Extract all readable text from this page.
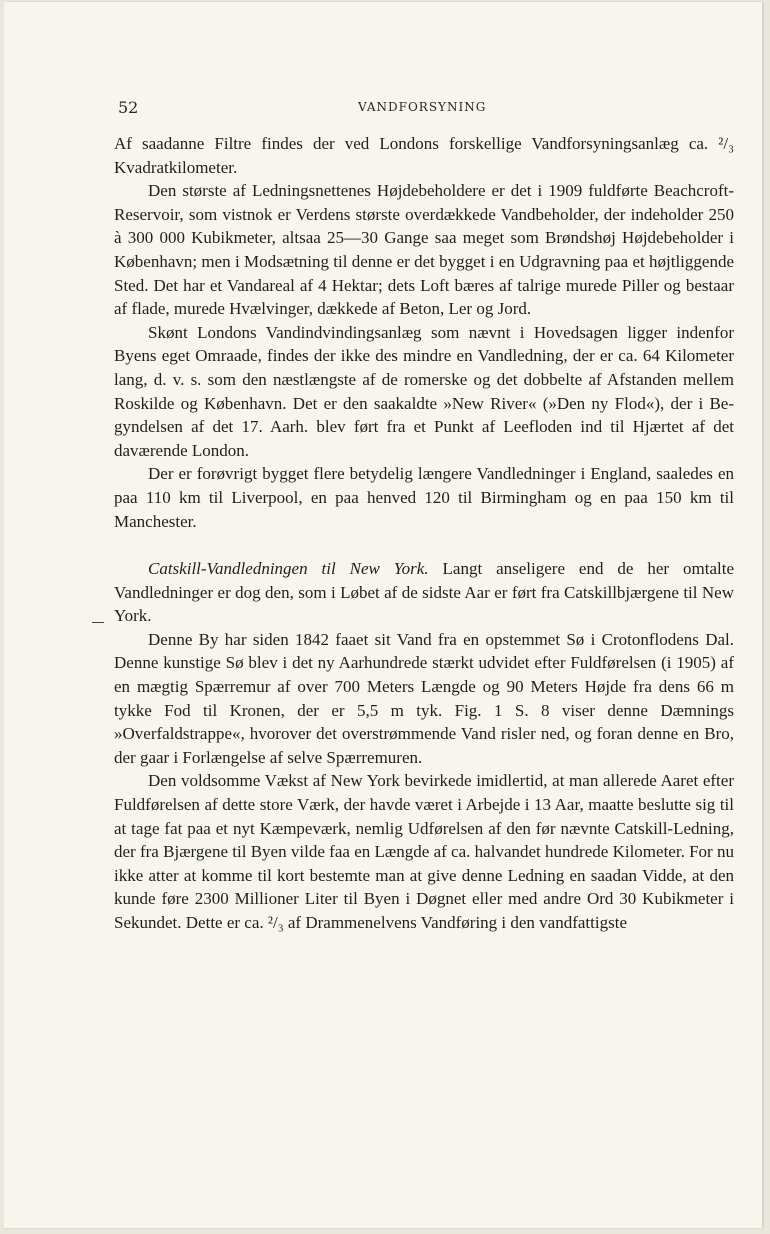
52	VANDFORSYNING

Af saadanne Filtre findes der ved Londons forskellige Vandforsyningsanlæg ca. ²/₃ Kvadratkilometer.

Den største af Ledningsnettenes Højdebeholdere er det i 1909 fuldførte Beachcroft-Reservoir, som vistnok er Verdens største overdækkede Vandbeholder, der indeholder 250 à 300 000 Kubikmeter, altsaa 25—30 Gange saa meget som Brøndshøj Højdebeholder i København; men i Modsætning til denne er det bygget i en Udgravning paa et højtliggende Sted. Det har et Vandareal af 4 Hektar; dets Loft bæres af talrige murede Piller og bestaar af flade, murede Hvælvinger, dækkede af Beton, Ler og Jord.

Skønt Londons Vandindvindingsanlæg som nævnt i Hovedsagen ligger indenfor Byens eget Omraade, findes der ikke des mindre en Vandledning, der er ca. 64 Kilometer lang, d. v. s. som den næstlængste af de romerske og det dobbelte af Afstanden mellem Roskilde og København. Det er den saakaldte »New River« (»Den ny Flod«), der i Begyndelsen af det 17. Aarh. blev ført fra et Punkt af Leefloden ind til Hjærtet af det daværende London.

Der er forøvrigt bygget flere betydelig længere Vandledninger i England, saaledes en paa 110 km til Liverpool, en paa henved 120 til Birmingham og en paa 150 km til Manchester.

Catskill-Vandledningen til New York. Langt anseligere end de her omtalte Vandledninger er dog den, som i Løbet af de sidste Aar er ført fra Catskillbjærgene til New York.

Denne By har siden 1842 faaet sit Vand fra en opstemmet Sø i Crotonflodens Dal. Denne kunstige Sø blev i det ny Aarhundrede stærkt udvidet efter Fuldførelsen (i 1905) af en mægtig Spærremur af over 700 Meters Længde og 90 Meters Højde fra dens 66 m tykke Fod til Kronen, der er 5,5 m tyk. Fig. 1 S. 8 viser denne Dæmnings »Overfaldstrappe«, hvorover det overstrømmende Vand risler ned, og foran denne en Bro, der gaar i Forlængelse af selve Spærremuren.

Den voldsomme Vækst af New York bevirkede imidlertid, at man allerede Aaret efter Fuldførelsen af dette store Værk, der havde været i Arbejde i 13 Aar, maatte beslutte sig til at tage fat paa et nyt Kæmpeværk, nemlig Udførelsen af den før nævnte Catskill-Ledning, der fra Bjærgene til Byen vilde faa en Længde af ca. halvandet hundrede Kilometer. For nu ikke atter at komme til kort bestemte man at give denne Ledning en saadan Vidde, at den kunde føre 2300 Millioner Liter til Byen i Døgnet eller med andre Ord 30 Kubikmeter i Sekundet. Dette er ca. ²/₃ af Drammenelvens Vandføring i den vandfattigste
